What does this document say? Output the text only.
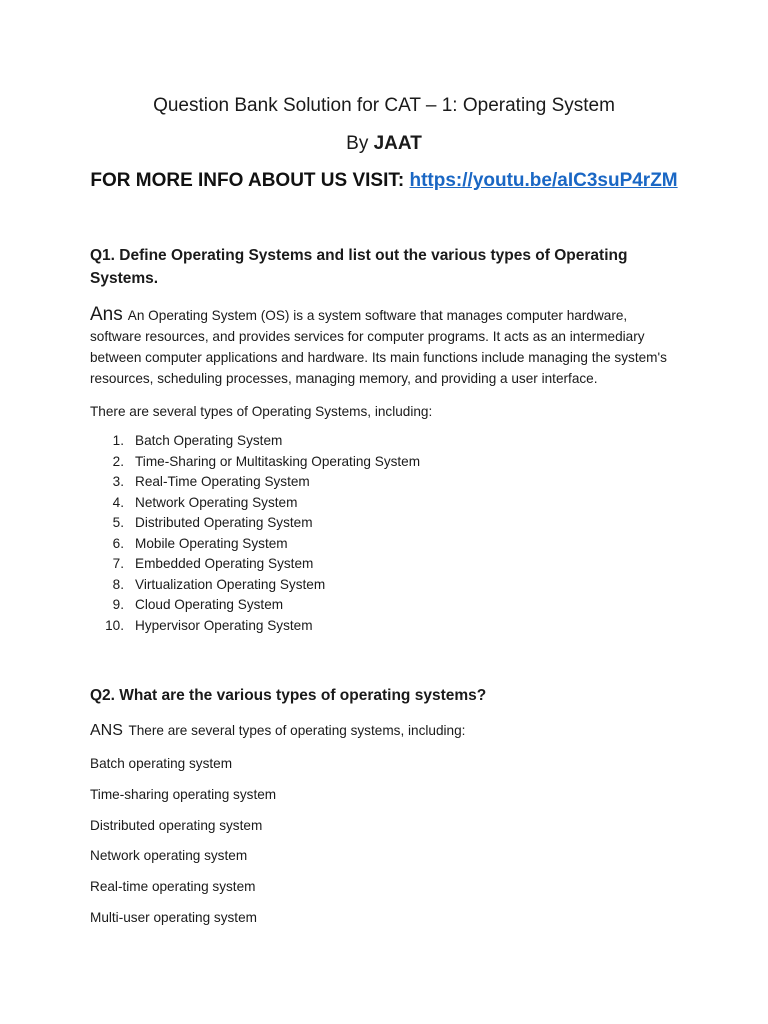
Question Bank Solution for CAT – 1: Operating System
By JAAT
FOR MORE INFO ABOUT US VISIT: https://youtu.be/aIC3suP4rZM
Q1. Define Operating Systems and list out the various types of Operating Systems.
Ans An Operating System (OS) is a system software that manages computer hardware, software resources, and provides services for computer programs. It acts as an intermediary between computer applications and hardware. Its main functions include managing the system's resources, scheduling processes, managing memory, and providing a user interface.
There are several types of Operating Systems, including:
1. Batch Operating System
2. Time-Sharing or Multitasking Operating System
3. Real-Time Operating System
4. Network Operating System
5. Distributed Operating System
6. Mobile Operating System
7. Embedded Operating System
8. Virtualization Operating System
9. Cloud Operating System
10. Hypervisor Operating System
Q2. What are the various types of operating systems?
ANS There are several types of operating systems, including:
Batch operating system
Time-sharing operating system
Distributed operating system
Network operating system
Real-time operating system
Multi-user operating system
